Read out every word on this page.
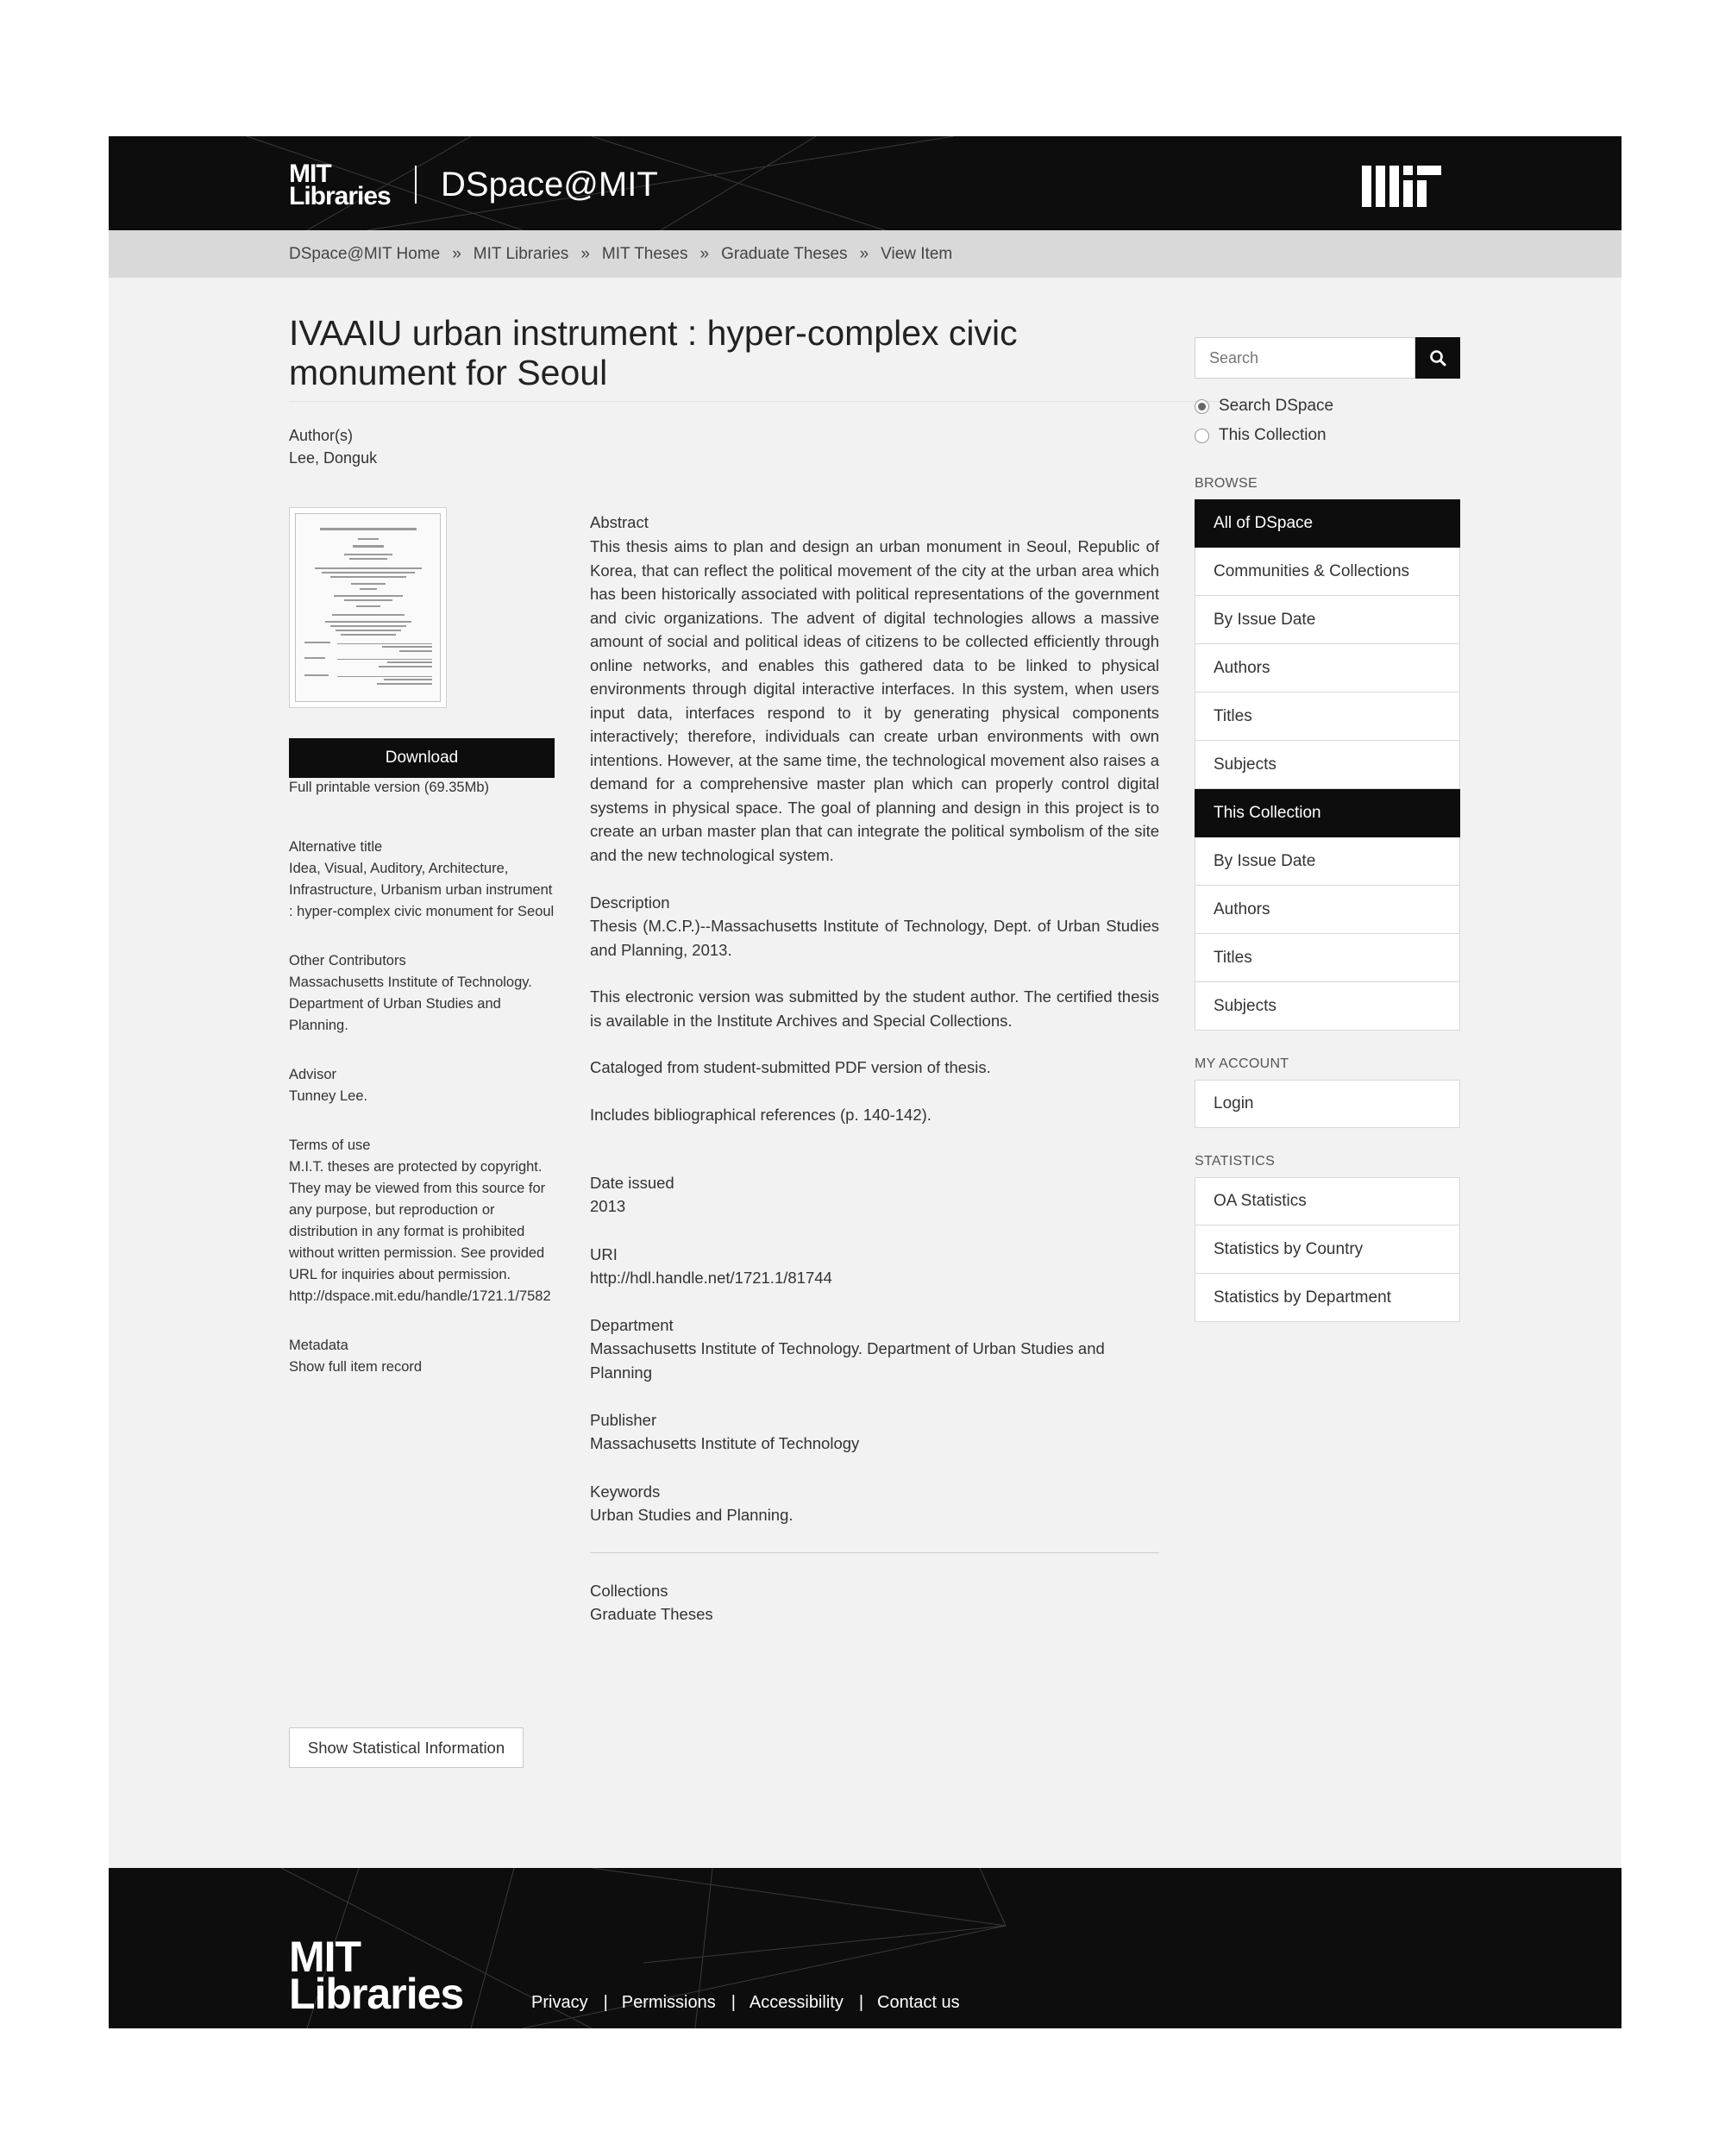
MIT
Libraries DSpace@MIT
DSpace@MIT Home » MIT Libraries » MIT Theses » Graduate Theses » View Item
IVAAIU urban instrument : hyper-complex civic monument for Seoul
Author(s)
Lee, Donguk
Download
Full printable version (69.35Mb)
Alternative title
Idea, Visual, Auditory, Architecture, Infrastructure, Urbanism urban instrument : hyper-complex civic monument for Seoul
Other Contributors
Massachusetts Institute of Technology. Department of Urban Studies and Planning.
Advisor
Tunney Lee.
Terms of use
M.I.T. theses are protected by copyright. They may be viewed from this source for any purpose, but reproduction or distribution in any format is prohibited without written permission. See provided URL for inquiries about permission.
http://dspace.mit.edu/handle/1721.1/7582
Metadata
Show full item record
Show Statistical Information
Abstract
This thesis aims to plan and design an urban monument in Seoul, Republic of Korea, that can reflect the political movement of the city at the urban area which has been historically associated with political representations of the government and civic organizations. The advent of digital technologies allows a massive amount of social and political ideas of citizens to be collected efficiently through online networks, and enables this gathered data to be linked to physical environments through digital interactive interfaces. In this system, when users input data, interfaces respond to it by generating physical components interactively; therefore, individuals can create urban environments with own intentions. However, at the same time, the technological movement also raises a demand for a comprehensive master plan which can properly control digital systems in physical space. The goal of planning and design in this project is to create an urban master plan that can integrate the political symbolism of the site and the new technological system.
Description
Thesis (M.C.P.)--Massachusetts Institute of Technology, Dept. of Urban Studies and Planning, 2013.
This electronic version was submitted by the student author. The certified thesis is available in the Institute Archives and Special Collections.
Cataloged from student-submitted PDF version of thesis.
Includes bibliographical references (p. 140-142).
Date issued
2013
URI
http://hdl.handle.net/1721.1/81744
Department
Massachusetts Institute of Technology. Department of Urban Studies and Planning
Publisher
Massachusetts Institute of Technology
Keywords
Urban Studies and Planning.
Collections
Graduate Theses
Search
Search DSpace
This Collection
BROWSE
All of DSpace
Communities & Collections
By Issue Date
Authors
Titles
Subjects
This Collection
By Issue Date
Authors
Titles
Subjects
MY ACCOUNT
Login
STATISTICS
OA Statistics
Statistics by Country
Statistics by Department
MIT
Libraries	Privacy | Permissions | Accessibility | Contact us
